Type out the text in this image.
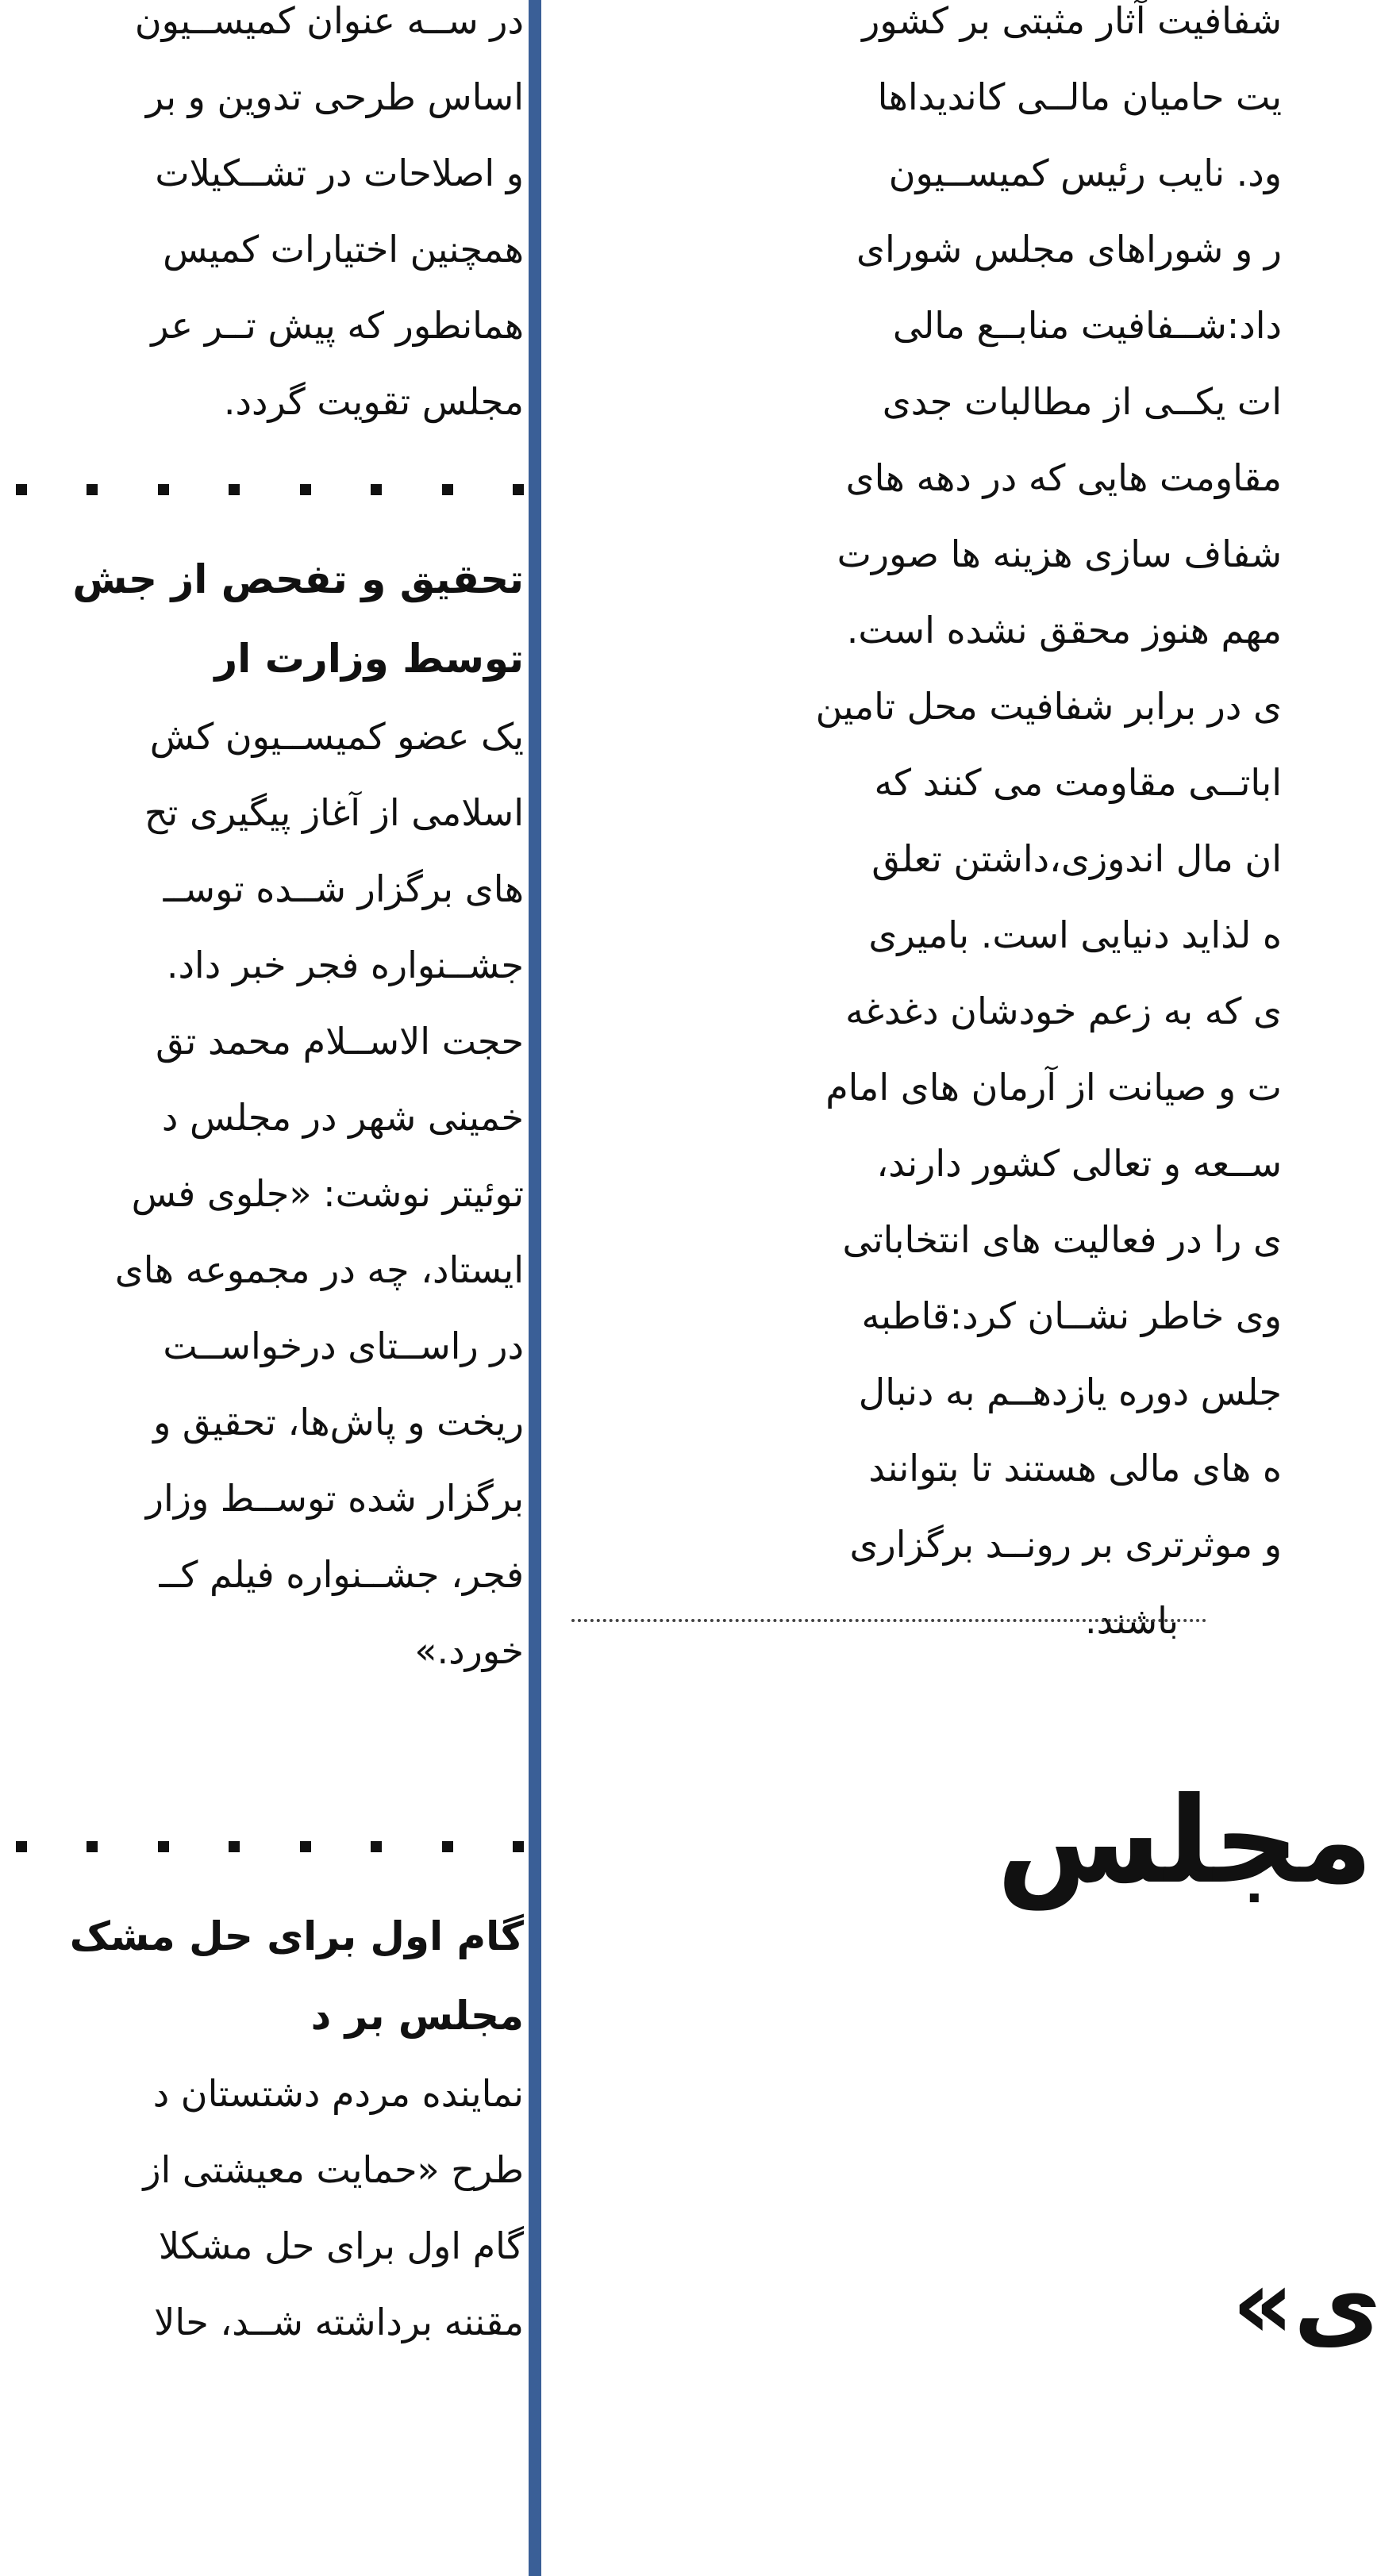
در ســه عنوان کمیســیون
اساس طرحی تدوین و بر
و اصلاحات در تشــکیلات
همچنین اختیارات کمیس
همانطور که پیش تــر عر
مجلس تقویت گردد.
تحقیق و تفحص از جش
توسط وزارت ار
یک عضو کمیســیون کش
اسلامی از آغاز پیگیری تح
های برگزار شــده توســ
جشــنواره فجر خبر داد.
حجت الاســلام محمد تق
خمینی شهر در مجلس د
توئیتر نوشت: «جلوی فس
ایستاد، چه در مجموعه های
در راســتای درخواســت
ریخت و پاش‌ها، تحقیق و
برگزار شده توســط وزار
فجر، جشــنواره فیلم کــ
خورد.»
گام اول برای حل مشک
مجلس بر د
نماینده مردم دشتستان د
طرح «حمایت معیشتی از
گام اول برای حل مشکلا
مقننه برداشته شــد، حالا
شفافیت آثار مثبتی بر کشور
یت حامیان مالــی کاندیداها
ود. نایب رئیس کمیســیون
ر و شوراهای مجلس شورای
داد:شــفافیت منابــع مالی
ات یکــی از مطالبات جدی
مقاومت هایی که در دهه های
شفاف سازی هزینه ها صورت
مهم هنوز محقق نشده است.
ی در برابر شفافیت محل تامین
اباتــی مقاومت می کنند که
ان مال اندوزی،داشتن تعلق
ه لذاید دنیایی است. بامیری
ی که به زعم خودشان دغدغه
ت و صیانت از آرمان های امام
ســعه و تعالی کشور دارند،
ی را در فعالیت های انتخاباتی
وی خاطر نشــان کرد:قاطبه
جلس دوره یازدهــم به دنبال
ه های مالی هستند تا بتوانند
و موثرتری بر رونــد برگزاری
باشند.
مجلس
ی»
